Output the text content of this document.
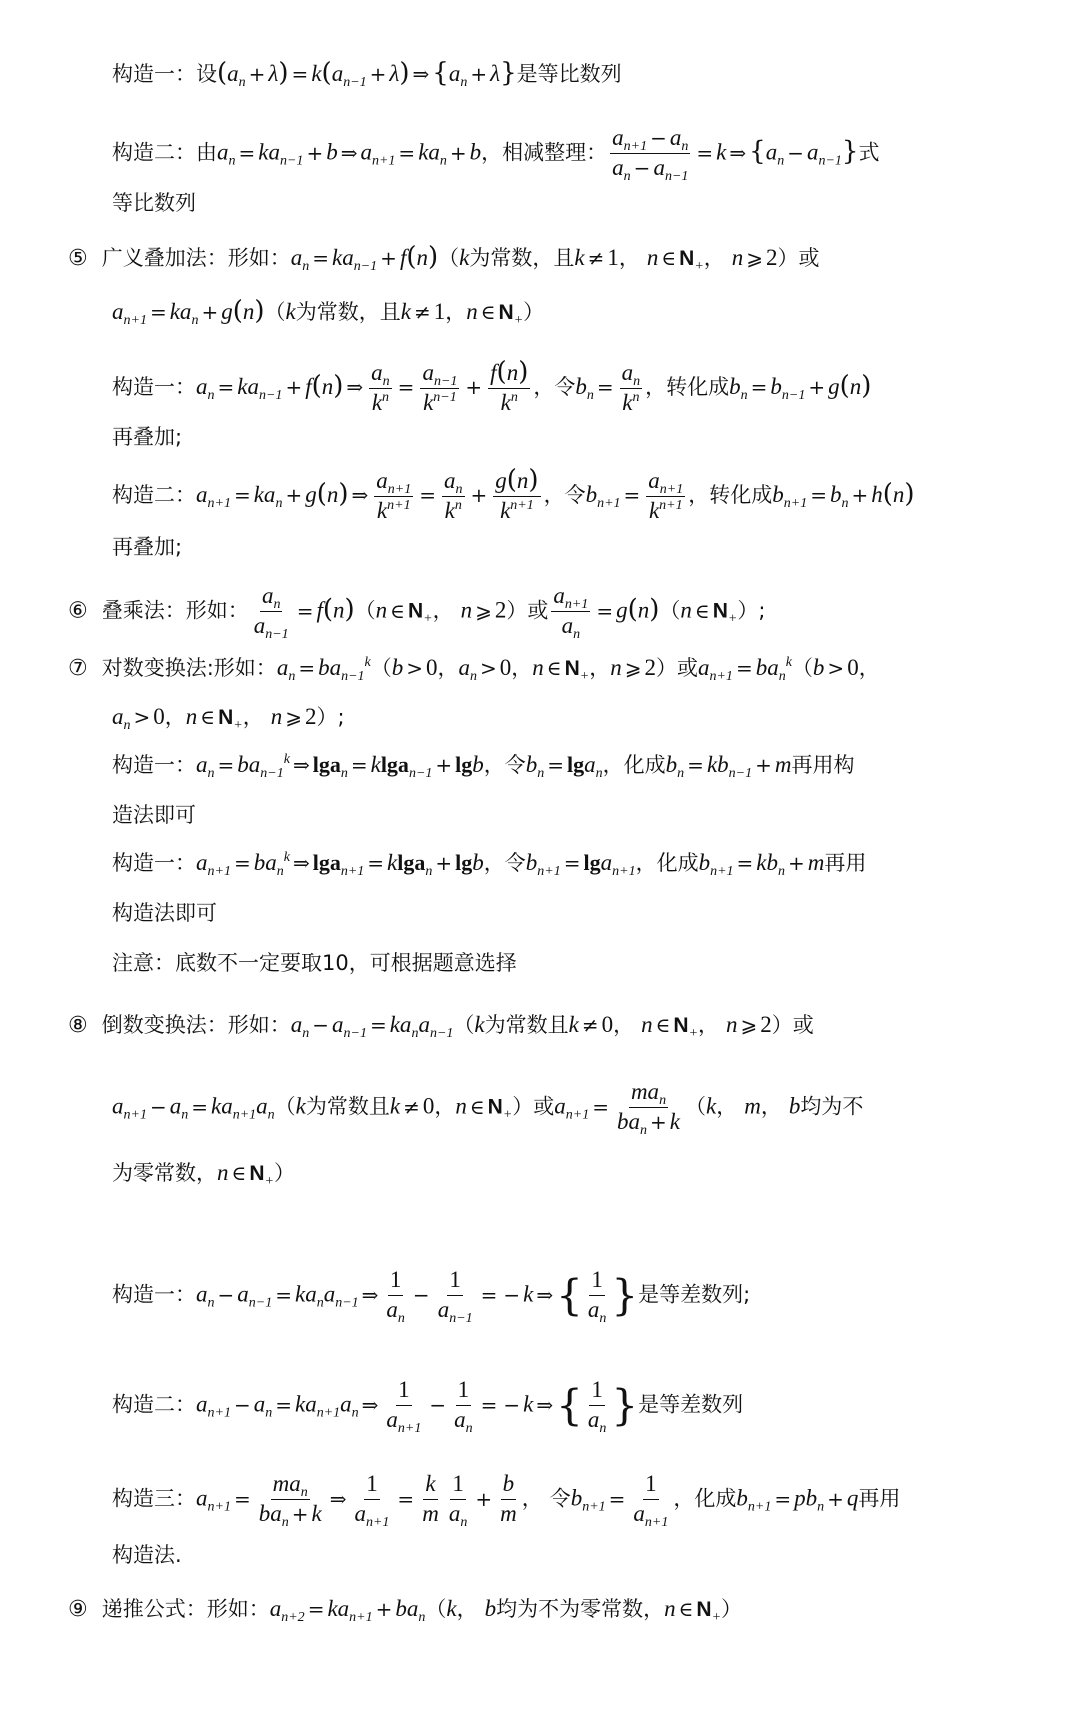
构造一：设$(a_n + \lambda) = k(a_{n-1} + \lambda)$ ⇒ $\{a_n + \lambda\}$是等比数列
构造二：由$a_n = ka_{n-1} + b$ ⇒ $a_{n+1} = ka_n + b$，相减整理： $\frac{a_{n+1} - a_n}{a_n - a_{n-1}} = k$ ⇒ $\{a_n - a_{n-1}\}$式
等比数列
⑤ 广义叠加法：形如：$a_n = ka_{n-1} + f(n)(k$为常数，且k ≠ 1， n ∈ $N_+$， n ⩾ 2）或
$a_{n+1} = ka_n + g(n)(k$为常数，且k ≠ 1，n ∈ $N_+$）
构造一：$a_n = ka_{n-1} + f(n)$ ⇒ $\frac{a_n}{k^n} = \frac{a_{n-1}}{k^{n-1}} + \frac{f(n)}{k^n}$ ，令$b_n = \frac{a_n}{k^n}$ ，转化成$b_n = b_{n-1} + g(n)$
再叠加;
构造二：$a_{n+1} = ka_n + g(n)$ ⇒ $\frac{a_{n+1}}{k^{n+1}} = \frac{a_n}{k^n} + \frac{g(n)}{k^{n+1}}$ ，令$b_{n+1} = \frac{a_{n+1}}{k^{n+1}}$ ，转化成$b_{n+1} = b_n + h(n)$
再叠加;
⑥ 叠乘法：形如： $\frac{a_n}{a_{n-1}} = f(n)(n$ ∈ $N_+$， n ⩾ 2）或 $\frac{a_{n+1}}{a_n} = g(n)(n$ ∈ $N_+$）;
⑦ 对数变换法:形如：$a_n = ba_{n-1}^k(b > 0$，$a_n > 0$，n ∈ $N_+$，n ⩾ 2）或$a_{n+1} = ba_n^k(b > 0$，
$a_n > 0$，n ∈ $N_+$， n ⩾ 2）;
构造一：$a_n = ba_{n-1}^k$ ⇒ lga$_n$ = klga$_{n-1}$ + lgb，令$b_n = \lg a_n$，化成$b_n = kb_{n-1} + m$再用构
造法即可
构造一：$a_{n+1} = ba_n^k$ ⇒ lga$_{n+1}$ = klga$_n$ + lgb，令$b_{n+1} = \lg a_{n+1}$，化成$b_{n+1} = kb_n + m$再用
构造法即可
注意：底数不一定要取10，可根据题意选择
⑧ 倒数变换法：形如：$a_n - a_{n-1} = ka_na_{n-1}(k$为常数且k ≠ 0， n ∈ $N_+$， n ⩾ 2）或
$a_{n+1} - a_n = ka_{n+1}a_n(k$为常数且k ≠ 0，n ∈ $N_+$）或$a_{n+1}$ =
$ma_n$
$ba_n + k$
（k， m， b均为不
为零常数，n ∈ $N_+$）
构造一：$a_n - a_{n-1} = ka_na_{n-1}$ ⇒ $\frac{1}{a_n} - \frac{1}{a_{n-1}}$ = − k ⇒{ $\frac{1}{a_n}$ }是等差数列;
构造二：$a_{n+1} - a_n = ka_{n+1}a_n$ ⇒ $\frac{1}{a_{n+1}} - \frac{1}{a_n}$ = − k ⇒{ $\frac{1}{a_n}$ }是等差数列
构造三：$a_{n+1}$ =
$ma_n$
$ba_n + k$
⇒ $\frac{1}{a_{n+1}} = \frac{k}{m} \frac{1}{a_n} + \frac{b}{m}$ ， 令$b_{n+1} = \frac{1}{a_{n+1}}$ ，化成$b_{n+1} = pb_n + q$再用
构造法.
⑨ 递推公式：形如：$a_{n+2} = ka_{n+1} + ba_n(k$， b均为不为零常数，n ∈ $N_+$）
